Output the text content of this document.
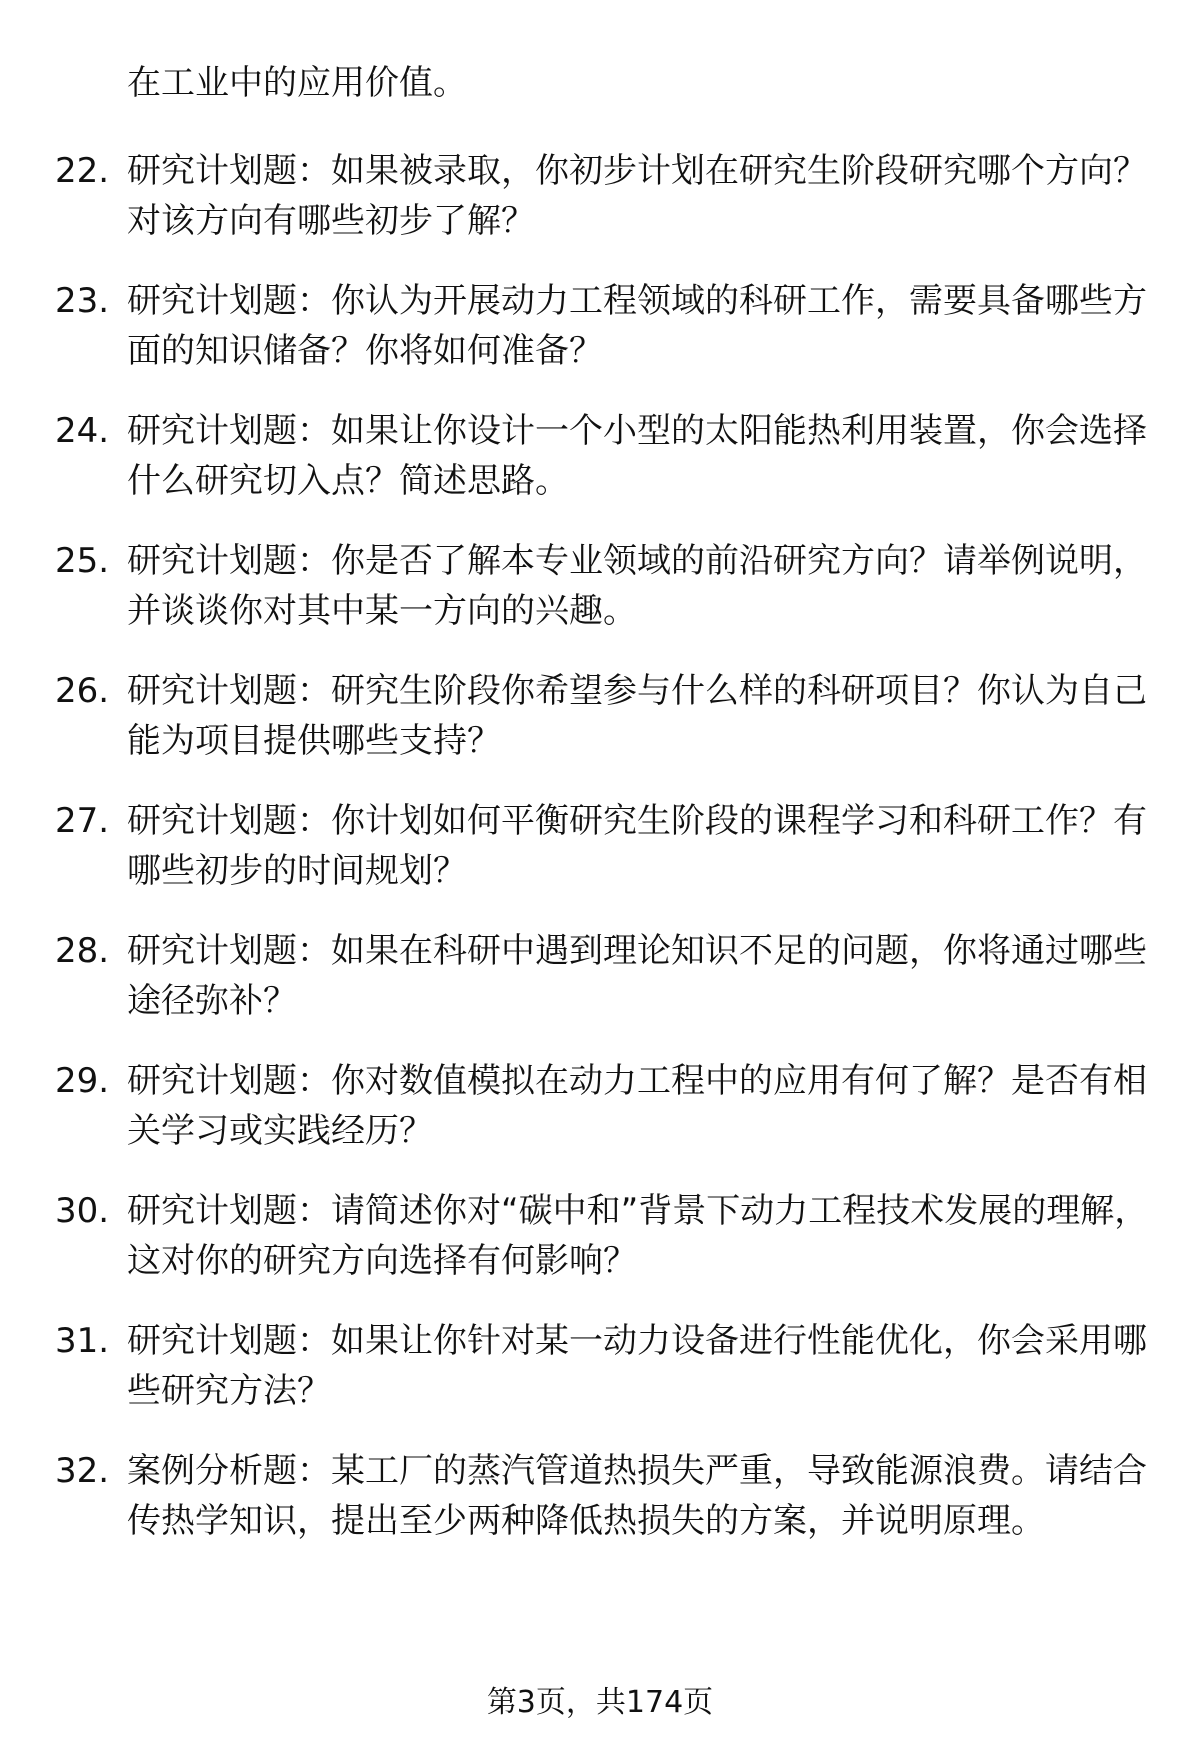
在工业中的应用价值。
22. 研究计划题：如果被录取，你初步计划在研究生阶段研究哪个方向？对该方向有哪些初步了解？
23. 研究计划题：你认为开展动力工程领域的科研工作，需要具备哪些方面的知识储备？你将如何准备？
24. 研究计划题：如果让你设计一个小型的太阳能热利用装置，你会选择什么研究切入点？简述思路。
25. 研究计划题：你是否了解本专业领域的前沿研究方向？请举例说明，并谈谈你对其中某一方向的兴趣。
26. 研究计划题：研究生阶段你希望参与什么样的科研项目？你认为自己能为项目提供哪些支持？
27. 研究计划题：你计划如何平衡研究生阶段的课程学习和科研工作？有哪些初步的时间规划？
28. 研究计划题：如果在科研中遇到理论知识不足的问题，你将通过哪些途径弥补？
29. 研究计划题：你对数值模拟在动力工程中的应用有何了解？是否有相关学习或实践经历？
30. 研究计划题：请简述你对“碳中和”背景下动力工程技术发展的理解，这对你的研究方向选择有何影响？
31. 研究计划题：如果让你针对某一动力设备进行性能优化，你会采用哪些研究方法？
32. 案例分析题：某工厂的蒸汽管道热损失严重，导致能源浪费。请结合传热学知识，提出至少两种降低热损失的方案，并说明原理。
第3页，共174页
